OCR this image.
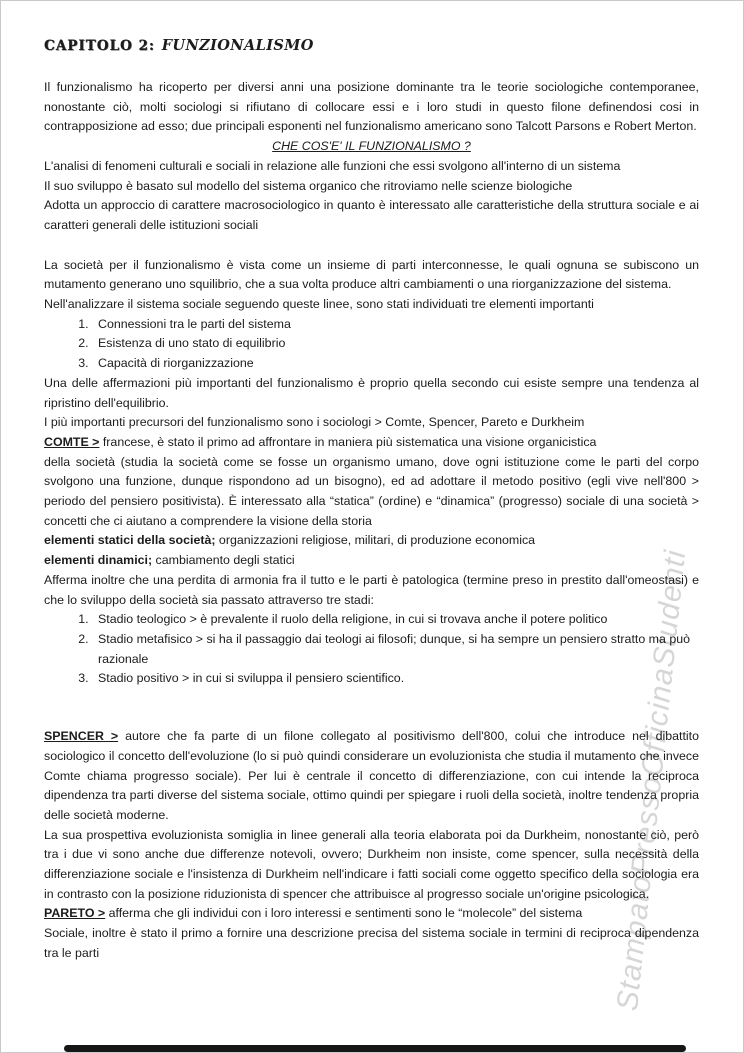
StampatoPressoOfficinaStudenti
CAPITOLO 2: FUNZIONALISMO

Il funzionalismo ha ricoperto per diversi anni una posizione dominante tra le teorie sociologiche contemporanee, nonostante ciò, molti sociologi si rifiutano di collocare essi e i loro studi in questo filone definendosi cosi in contrapposizione ad esso; due principali esponenti nel funzionalismo americano sono Talcott Parsons e Robert Merton.

CHE COS'E' IL FUNZIONALISMO ?

L'analisi di fenomeni culturali e sociali in relazione alle funzioni che essi svolgono all'interno di un sistema

Il suo sviluppo è basato sul modello del sistema organico che ritroviamo nelle scienze biologiche

Adotta un approccio di carattere macrosociologico in quanto è interessato alle caratteristiche della struttura sociale e ai caratteri generali delle istituzioni sociali

La società per il funzionalismo è vista come un insieme di parti interconnesse, le quali ognuna se subiscono un mutamento generano uno squilibrio, che a sua volta produce altri cambiamenti o una riorganizzazione del sistema.

Nell'analizzare il sistema sociale seguendo queste linee, sono stati individuati tre elementi importanti

1. Connessioni tra le parti del sistema
2. Esistenza di uno stato di equilibrio
3. Capacità di riorganizzazione

Una delle affermazioni più importanti del funzionalismo è proprio quella secondo cui esiste sempre una tendenza al ripristino dell'equilibrio.

I più importanti precursori del funzionalismo sono i sociologi > Comte, Spencer, Pareto e Durkheim

COMTE > francese, è stato il primo ad affrontare in maniera più sistematica una visione organicistica

della società (studia la società come se fosse un organismo umano, dove ogni istituzione come le parti del corpo svolgono una funzione, dunque rispondono ad un bisogno), ed ad adottare il metodo positivo (egli vive nell'800 > periodo del pensiero positivista). È interessato alla “statica” (ordine) e “dinamica” (progresso) sociale di una società > concetti che ci aiutano a comprendere la visione della storia

elementi statici della società; organizzazioni religiose, militari, di produzione economica

elementi dinamici; cambiamento degli statici

Afferma inoltre che una perdita di armonia fra il tutto e le parti è patologica (termine preso in prestito dall'omeostasi) e che lo sviluppo della società sia passato attraverso tre stadi:

1. Stadio teologico > è prevalente il ruolo della religione, in cui si trovava anche il potere politico
2. Stadio metafisico > si ha il passaggio dai teologi ai filosofi; dunque, si ha sempre un pensiero stratto ma può razionale
3. Stadio positivo > in cui si sviluppa il pensiero scientifico.

SPENCER > autore che fa parte di un filone collegato al positivismo dell'800, colui che introduce nel dibattito sociologico il concetto dell'evoluzione (lo si può quindi considerare un evoluzionista che studia il mutamento che invece Comte chiama progresso sociale). Per lui è centrale il concetto di differenziazione, con cui intende la reciproca dipendenza tra parti diverse del sistema sociale, ottimo quindi per spiegare i ruoli della società, inoltre tendenza propria delle società moderne.

La sua prospettiva evoluzionista somiglia in linee generali alla teoria elaborata poi da Durkheim, nonostante ciò, però tra i due vi sono anche due differenze notevoli, ovvero; Durkheim non insiste, come spencer, sulla necessità della differenziazione sociale e l'insistenza di Durkheim nell'indicare i fatti sociali come oggetto specifico della sociologia era in contrasto con la posizione riduzionista di spencer che attribuisce al progresso sociale un'origine psicologica.

PARETO > afferma che gli individui con i loro interessi e sentimenti sono le “molecole” del sistema

Sociale, inoltre è stato il primo a fornire una descrizione precisa del sistema sociale in termini di reciproca dipendenza tra le parti
